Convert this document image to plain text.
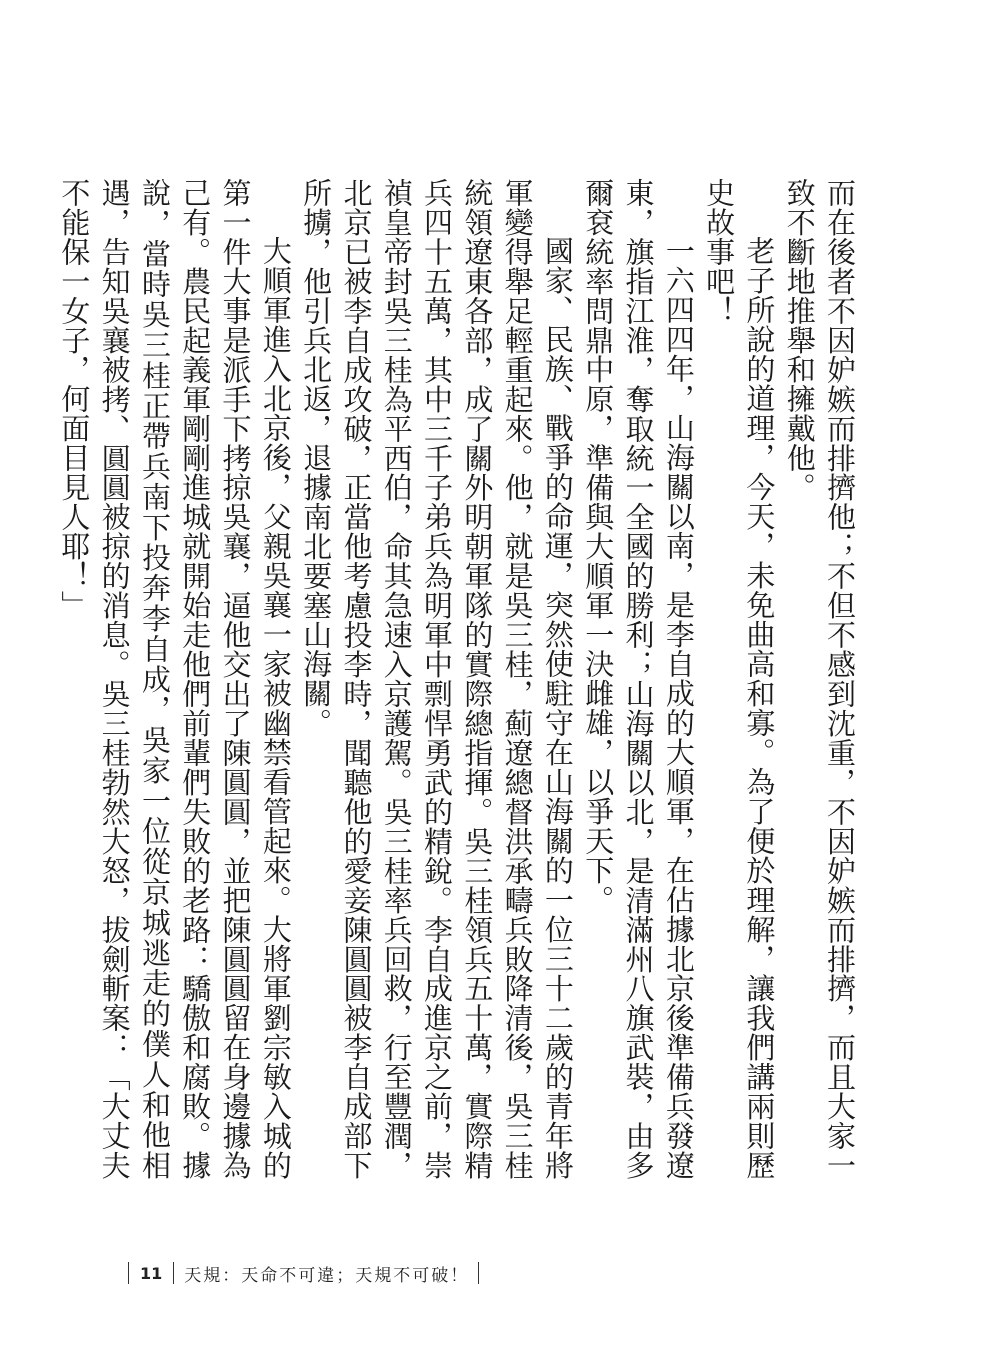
而在後者不因妒嫉而排擠他；不但不感到沈重，不因妒嫉而排擠，而且大家一致不斷地推舉和擁戴他。

老子所說的道理，今天，未免曲高和寡。為了便於理解，讓我們講兩則歷史故事吧！

一六四四年，山海關以南，是李自成的大順軍，在佔據北京後準備兵發遼東，旗指江淮，奪取統一全國的勝利；山海關以北，是清滿州八旗武裝，由多爾袞統率問鼎中原，準備與大順軍一決雌雄，以爭天下。

國家、民族、戰爭的命運，突然使駐守在山海關的一位三十二歲的青年將軍變得舉足輕重起來。他，就是吳三桂，薊遼總督洪承疇兵敗降清後，吳三桂統領遼東各部，成了關外明朝軍隊的實際總指揮。吳三桂領兵五十萬，實際精兵四十五萬，其中三千子弟兵為明軍中剽悍勇武的精銳。李自成進京之前，崇禎皇帝封吳三桂為平西伯，命其急速入京護駕。吳三桂率兵回救，行至豐潤，北京已被李自成攻破，正當他考慮投李時，聞聽他的愛妾陳圓圓被李自成部下所擄，他引兵北返，退據南北要塞山海關。

大順軍進入北京後，父親吳襄一家被幽禁看管起來。大將軍劉宗敏入城的第一件大事是派手下拷掠吳襄，逼他交出了陳圓圓，並把陳圓圓留在身邊據為己有。農民起義軍剛剛進城就開始走他們前輩們失敗的老路：驕傲和腐敗。據說，當時吳三桂正帶兵南下投奔李自成，吳家一位從京城逃走的僕人和他相遇，告知吳襄被拷、圓圓被掠的消息。吳三桂勃然大怒，拔劍斬案：「大丈夫不能保一女子，何面目見人耶！」

11	天規：天命不可違；天規不可破！
